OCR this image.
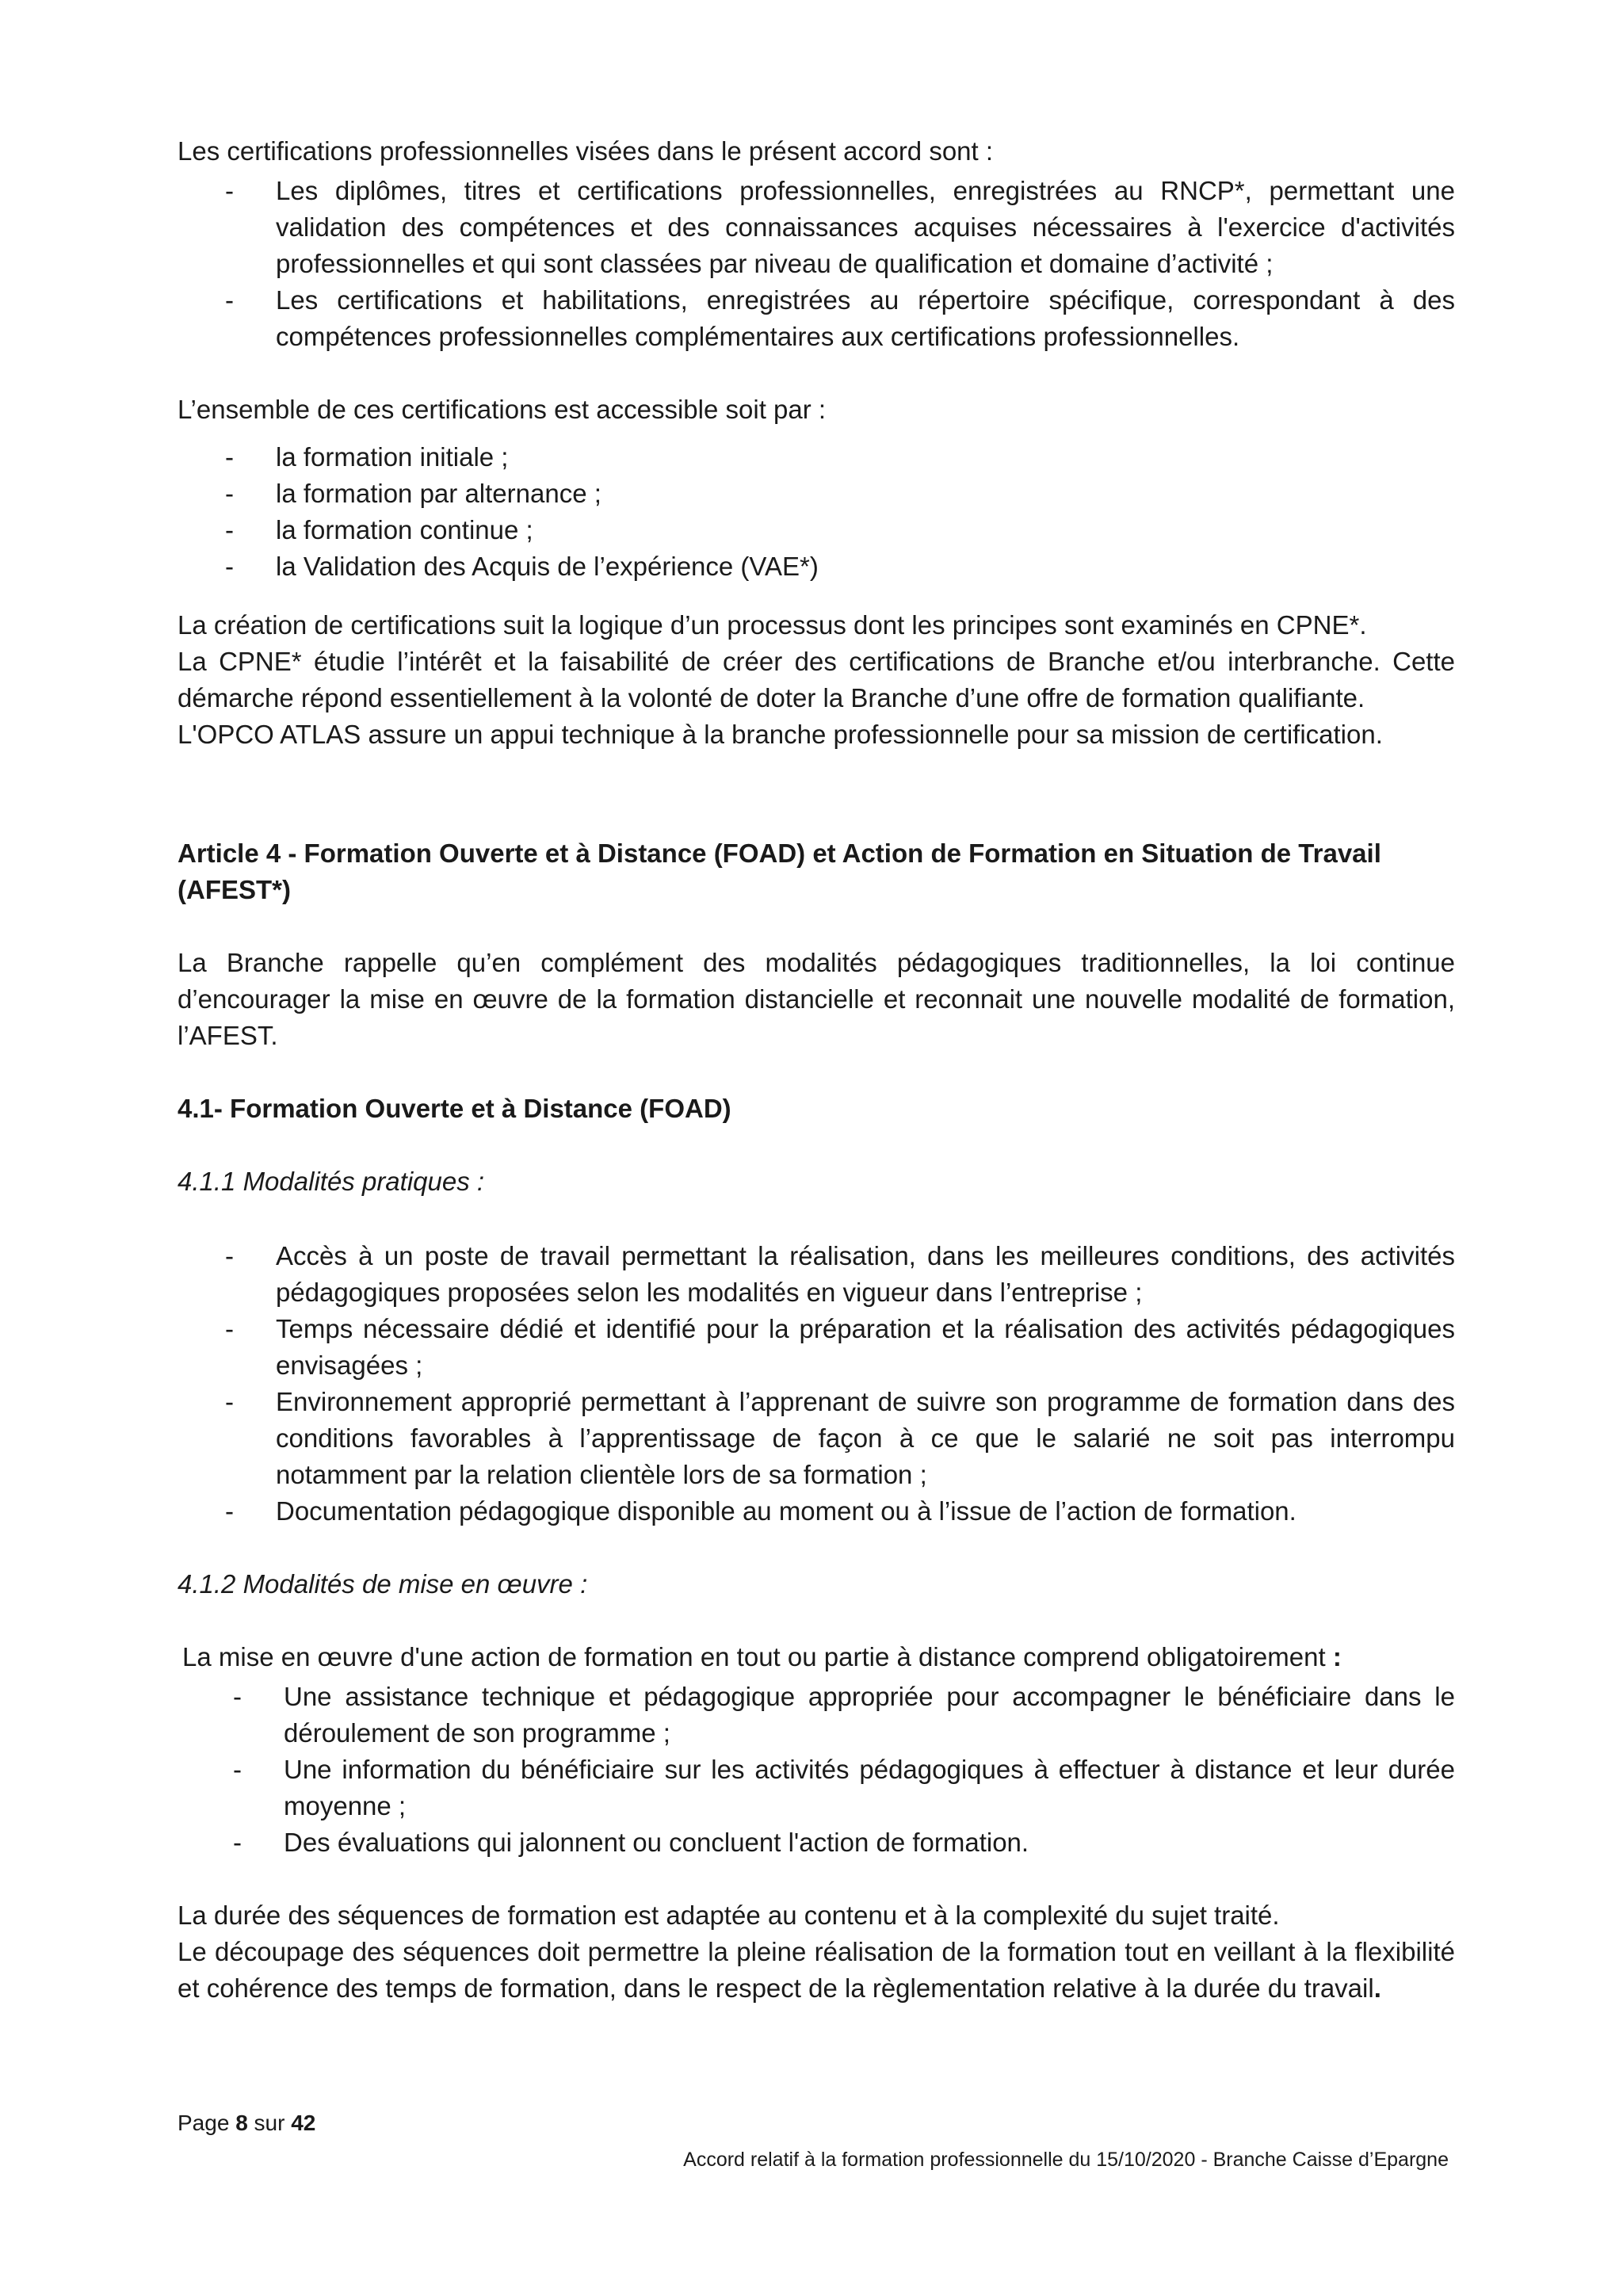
Les certifications professionnelles visées dans le présent accord sont :

- Les diplômes, titres et certifications professionnelles, enregistrées au RNCP*, permettant une validation des compétences et des connaissances acquises nécessaires à l'exercice d'activités professionnelles et qui sont classées par niveau de qualification et domaine d’activité ;
- Les certifications et habilitations, enregistrées au répertoire spécifique, correspondant à des compétences professionnelles complémentaires aux certifications professionnelles.

L’ensemble de ces certifications est accessible soit par :

- la formation initiale ;
- la formation par alternance ;
- la formation continue ;
- la Validation des Acquis de l’expérience (VAE*)

La création de certifications suit la logique d’un processus dont les principes sont examinés en CPNE*.

La CPNE* étudie l’intérêt et la faisabilité de créer des certifications de Branche et/ou interbranche. Cette démarche répond essentiellement à la volonté de doter la Branche d’une offre de formation qualifiante.

L'OPCO ATLAS assure un appui technique à la branche professionnelle pour sa mission de certification.

Article 4 - Formation Ouverte et à Distance (FOAD) et Action de Formation en Situation de Travail (AFEST*)

La Branche rappelle qu’en complément des modalités pédagogiques traditionnelles, la loi continue d’encourager la mise en œuvre de la formation distancielle et reconnait une nouvelle modalité de formation, l’AFEST.

4.1- Formation Ouverte et à Distance (FOAD)

4.1.1 Modalités pratiques :

- Accès à un poste de travail permettant la réalisation, dans les meilleures conditions, des activités pédagogiques proposées selon les modalités en vigueur dans l’entreprise ;
- Temps nécessaire dédié et identifié pour la préparation et la réalisation des activités pédagogiques envisagées ;
- Environnement approprié permettant à l’apprenant de suivre son programme de formation dans des conditions favorables à l’apprentissage de façon à ce que le salarié ne soit pas interrompu notamment par la relation clientèle lors de sa formation ;
- Documentation pédagogique disponible au moment ou à l’issue de l’action de formation.

4.1.2 Modalités de mise en œuvre :

La mise en œuvre d'une action de formation en tout ou partie à distance comprend obligatoirement :

- Une assistance technique et pédagogique appropriée pour accompagner le bénéficiaire dans le déroulement de son programme ;
- Une information du bénéficiaire sur les activités pédagogiques à effectuer à distance et leur durée moyenne ;
- Des évaluations qui jalonnent ou concluent l'action de formation.

La durée des séquences de formation est adaptée au contenu et à la complexité du sujet traité.

Le découpage des séquences doit permettre la pleine réalisation de la formation tout en veillant à la flexibilité et cohérence des temps de formation, dans le respect de la règlementation relative à la durée du travail.

Page 8 sur 42
Accord relatif à la formation professionnelle du 15/10/2020 - Branche Caisse d’Epargne
